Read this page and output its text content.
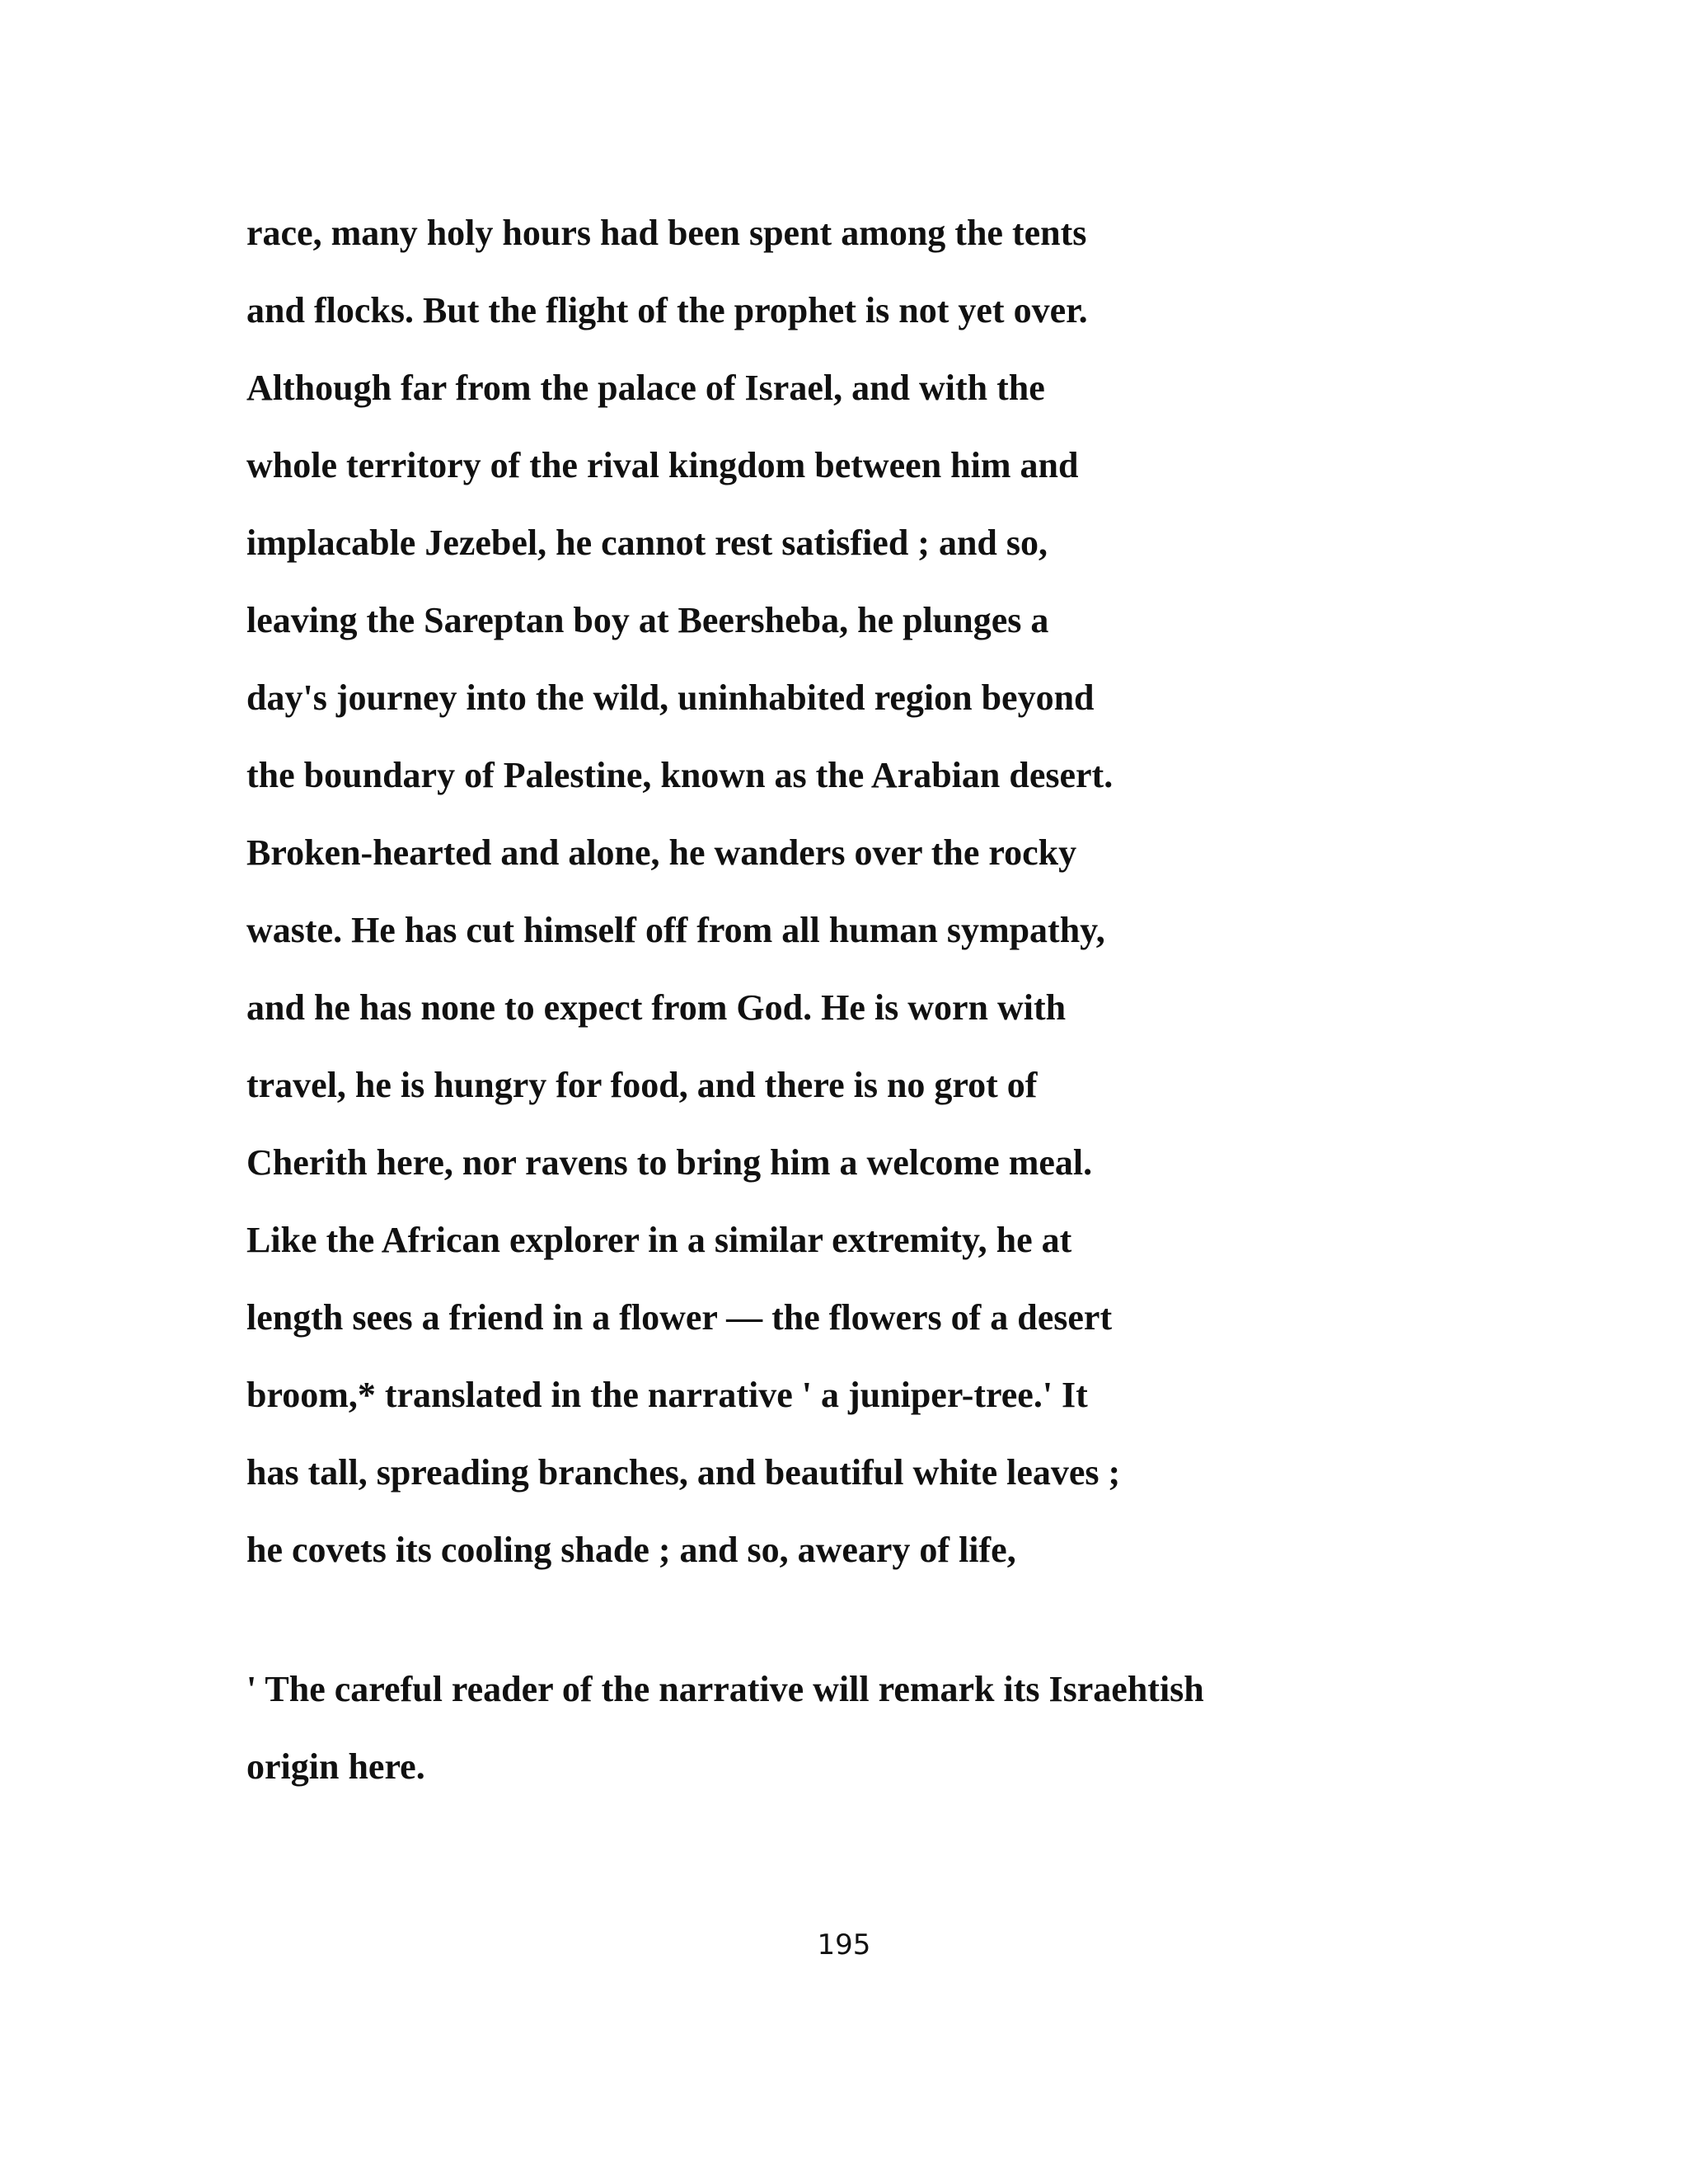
race, many holy hours had been spent among the tents
and flocks. But the flight of the prophet is not yet over.
Although far from the palace of Israel, and with the
whole territory of the rival kingdom between him and
implacable Jezebel, he cannot rest satisfied ; and so,
leaving the Sareptan boy at Beersheba, he plunges a
day's journey into the wild, uninhabited region beyond
the boundary of Palestine, known as the Arabian desert.
Broken-hearted and alone, he wanders over the rocky
waste. He has cut himself off from all human sympathy,
and he has none to expect from God. He is worn with
travel, he is hungry for food, and there is no grot of
Cherith here, nor ravens to bring him a welcome meal.
Like the African explorer in a similar extremity, he at
length sees a friend in a flower — the flowers of a desert
broom,* translated in the narrative ' a juniper-tree.' It
has tall, spreading branches, and beautiful white leaves ;
he covets its cooling shade ; and so, aweary of life,
' The careful reader of the narrative will remark its Israehtish
origin here.
195
